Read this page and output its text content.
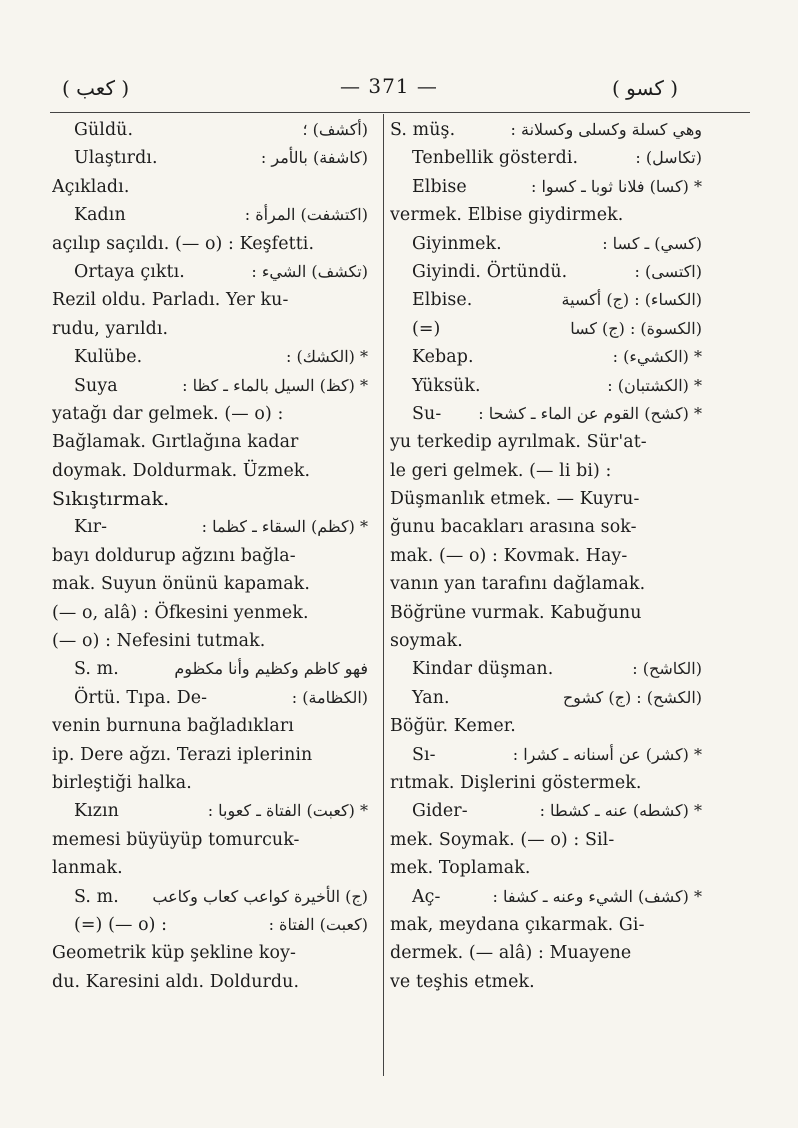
( كعب )	— 371 —	( كسو )
Güldü.	(أكشف) ؛
Ulaştırdı.	(كاشفة) بالأمر :
Açıkladı.
Kadın	(اكتشفت) المرأة :
açılıp saçıldı. (— o) : Keşfetti.
Ortaya çıktı.	(تكشف) الشيء :
Rezil oldu. Parladı. Yer ku-
rudu, yarıldı.
Kulübe.	* (الكشك) :
Suya	* (كظ) السيل بالماء ـ كظا :
yatağı dar gelmek. (— o) :
Bağlamak. Gırtlağına kadar
doymak. Doldurmak. Üzmek.
Sıkıştırmak.
Kır-	* (كظم) السقاء ـ كظما :
bayı doldurup ağzını bağla-
mak. Suyun önünü kapamak.
(— o, alâ) : Öfkesini yenmek.
(— o) : Nefesini tutmak.
S. m.	فهو كاظم وكظيم وأنا مكظوم
Örtü. Tıpa. De-	(الكظامة) :
venin burnuna bağladıkları
ip. Dere ağzı. Terazi iplerinin
birleştiği halka.
Kızın	* (كعبت) الفتاة ـ كعوبا :
memesi büyüyüp tomurcuk-
lanmak.
S. m. (ج) الأخيرة كواعب كعاب وكاعب
(=) (— o) :	(كعبت) الفتاة :
Geometrik küp şekline koy-
du. Karesini aldı. Doldurdu.
S. müş.	وهي كسلة وكسلى وكسلانة :
Tenbellik gösterdi.	(تكاسل) :
Elbise	* (كسا) فلانا ثوبا ـ كسوا :
vermek. Elbise giydirmek.
Giyinmek.	(كسي) ـ كسا :
Giyindi. Örtündü.	(اكتسى) :
Elbise.	(الكساء) : (ج) أكسية
(=)	(الكسوة) : (ج) كسا
Kebap.	* (الكشيء) :
Yüksük.	* (الكشتبان) :
Su- * (كشح) القوم عن الماء ـ كشحا :
yu terkedip ayrılmak. Sür'at-
le geri gelmek. (— li bi) :
Düşmanlık etmek. — Kuyru-
ğunu bacakları arasına sok-
mak. (— o) : Kovmak. Hay-
vanın yan tarafını dağlamak.
Böğrüne vurmak. Kabuğunu
soymak.
Kindar düşman.	(الكاشح) :
Yan.	(الكشح) : (ج) كشوح
Böğür. Kemer.
Sı-	* (كشر) عن أسنانه ـ كشرا :
rıtmak. Dişlerini göstermek.
Gider-	* (كشطه) عنه ـ كشطا :
mek. Soymak. (— o) : Sil-
mek. Toplamak.
Aç-	* (كشف) الشيء وعنه ـ كشفا :
mak, meydana çıkarmak. Gi-
dermek. (— alâ) : Muayene
ve teşhis etmek.
